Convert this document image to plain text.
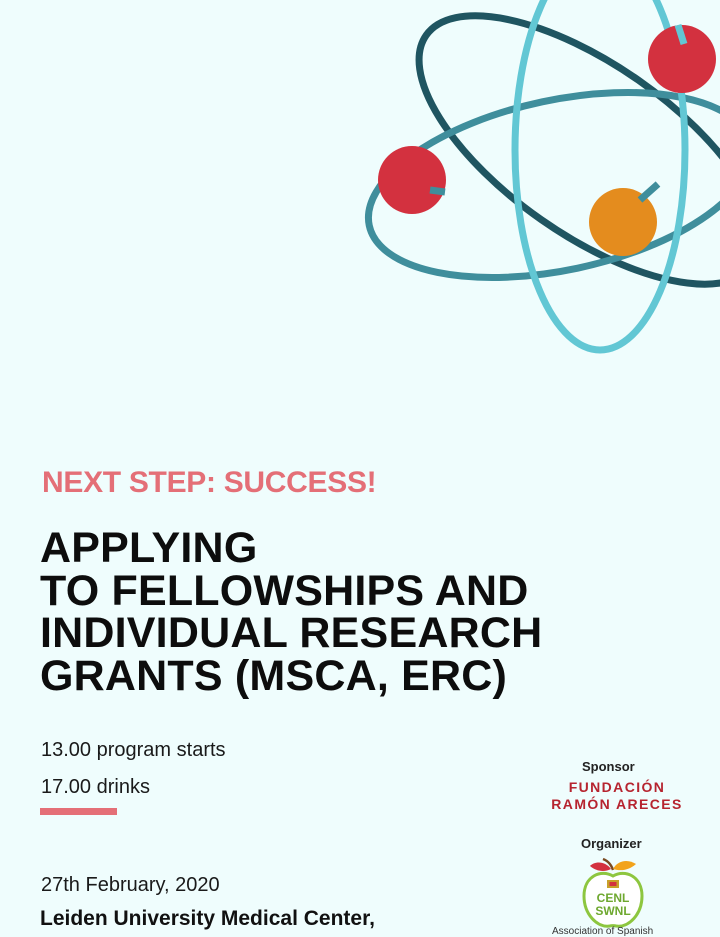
NEXT STEP: SUCCESS!
APPLYING
TO FELLOWSHIPS AND
INDIVIDUAL RESEARCH
GRANTS (MSCA, ERC)
13.00 program starts
17.00 drinks
27th February, 2020
Leiden University Medical Center,
Sponsor
FUNDACIÓN
RAMÓN ARECES
Organizer
CENL
SWNL
Association of Spanish
